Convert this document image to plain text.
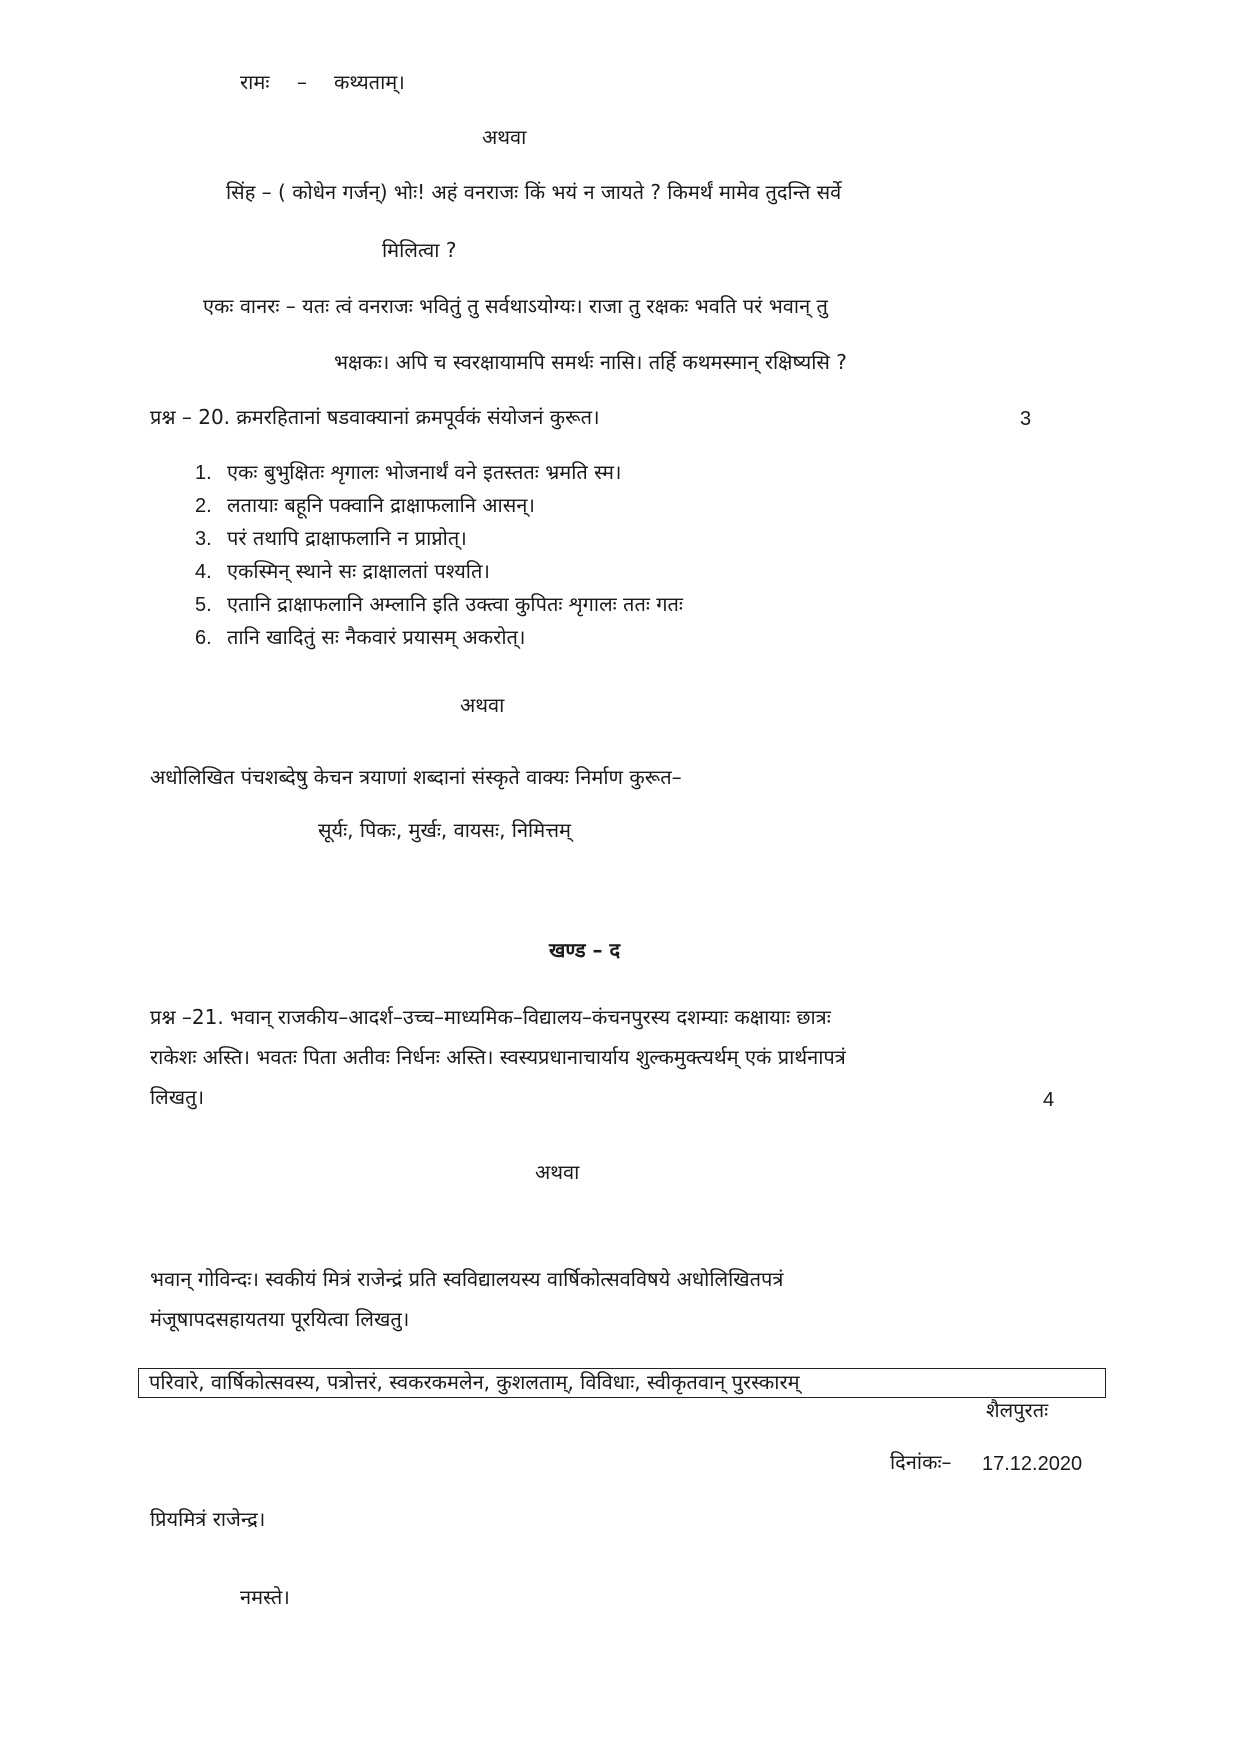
रामः – कथ्यताम्।
अथवा
सिंह – ( कोधेन गर्जन्) भोः! अहं वनराजः किं भयं न जायते ? किमर्थं मामेव तुदन्ति सर्वे
मिलित्वा ?
एकः वानरः – यतः त्वं वनराजः भवितुं तु सर्वथाऽयोग्यः। राजा तु रक्षकः भवति परं भवान् तु
भक्षकः। अपि च स्वरक्षायामपि समर्थः नासि। तर्हि कथमस्मान् रक्षिष्यसि ?
प्रश्न – 20. क्रमरहितानां षडवाक्यानां क्रमपूर्वकं संयोजनं कुरूत।	3
1. एकः बुभुक्षितः शृगालः भोजनार्थं वने इतस्ततः भ्रमति स्म।
2. लतायाः बहूनि पक्वानि द्राक्षाफलानि आसन्।
3. परं तथापि द्राक्षाफलानि न प्राप्नोत्।
4. एकस्मिन् स्थाने सः द्राक्षालतां पश्यति।
5. एतानि द्राक्षाफलानि अम्लानि इति उक्त्वा कुपितः शृगालः ततः गतः
6. तानि खादितुं सः नैकवारं प्रयासम् अकरोत्।
अथवा
अधोलिखित पंचशब्देषु केचन त्रयाणां शब्दानां संस्कृते वाक्यः निर्माण कुरूत–
सूर्यः, पिकः, मुर्खः, वायसः, निमित्तम्
खण्ड – द
प्रश्न –21. भवान् राजकीय–आदर्श–उच्च–माध्यमिक–विद्यालय–कंचनपुरस्य दशम्याः कक्षायाः छात्रः
राकेशः अस्ति। भवतः पिता अतीवः निर्धनः अस्ति। स्वस्यप्रधानाचार्याय शुल्कमुक्त्यर्थम् एकं प्रार्थनापत्रं
लिखतु।	4
अथवा
भवान् गोविन्दः। स्वकीयं मित्रं राजेन्द्रं प्रति स्वविद्यालयस्य वार्षिकोत्सवविषये अधोलिखितपत्रं
मंजूषापदसहायतया पूरयित्वा लिखतु।
परिवारे, वार्षिकोत्सवस्य, पत्रोत्तरं, स्वकरकमलेन, कुशलताम्, विविधाः, स्वीकृतवान् पुरस्कारम्
शैलपुरतः
दिनांकः– 17.12.2020
प्रियमित्रं राजेन्द्र।
नमस्ते।
